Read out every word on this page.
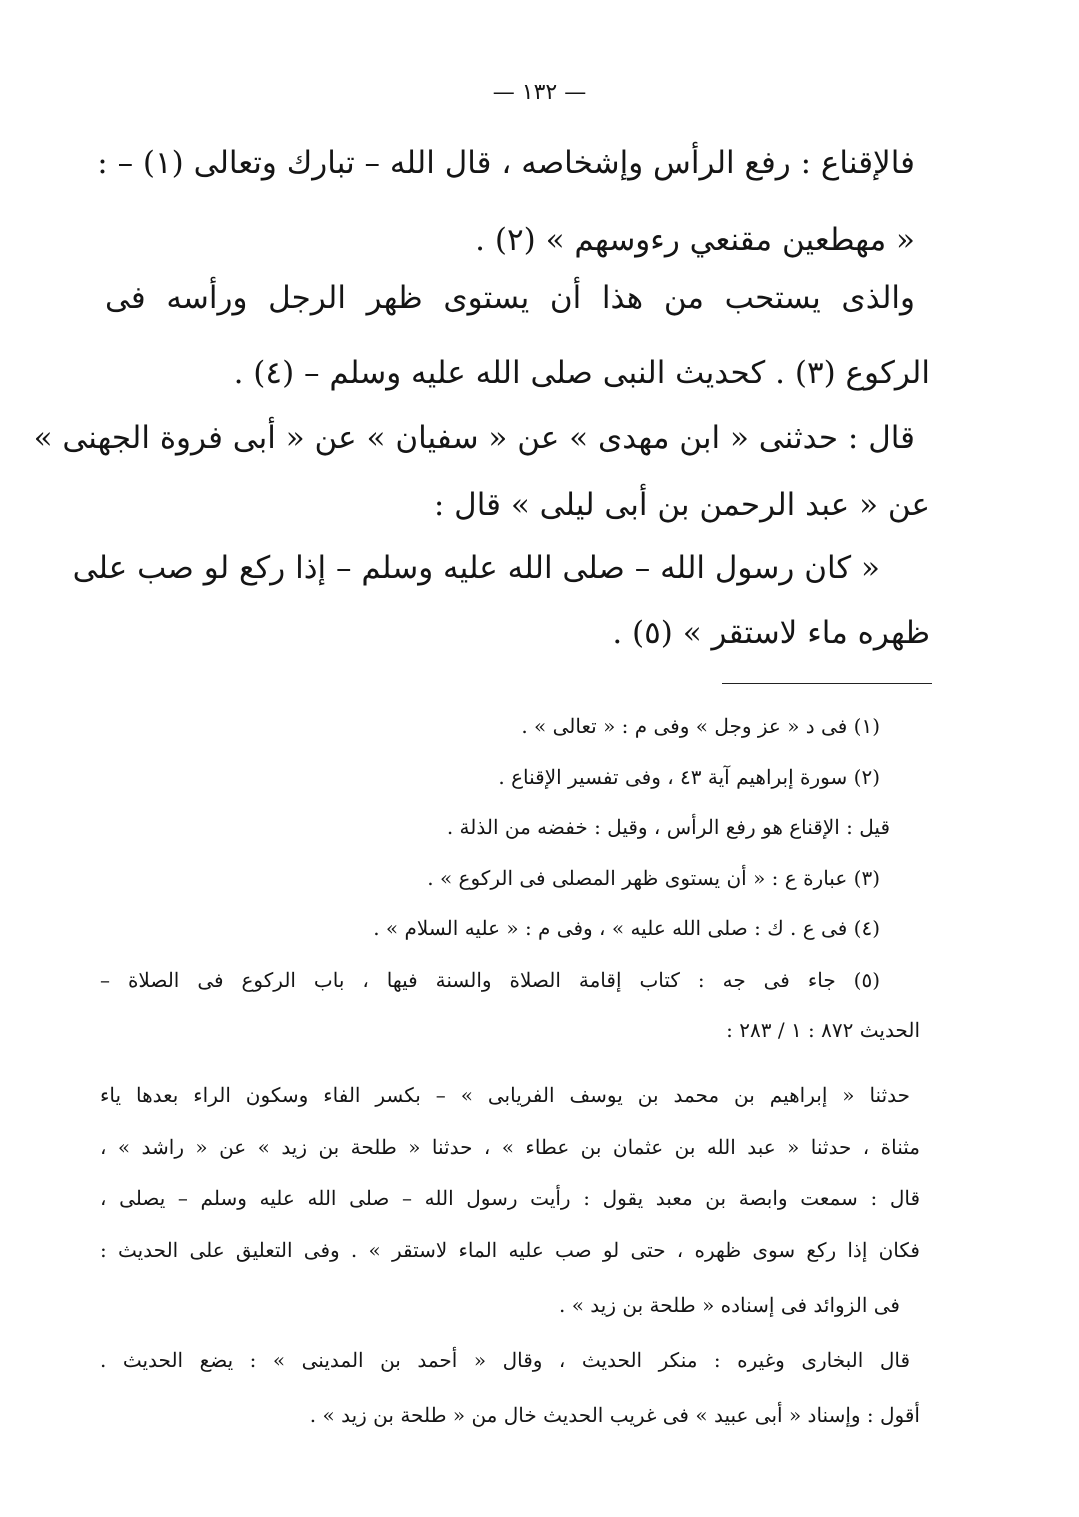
— ١٣٢ —
فالإقناع : رفع الرأس وإشخاصه ، قال الله – تبارك وتعالى (١) – :
« مهطعين مقنعي رءوسهم » (٢) .
والذى يستحب من هذا أن يستوى ظهر الرجل ورأسه فى
الركوع (٣) . كحديث النبى صلى الله عليه وسلم – (٤) .
قال : حدثنى « ابن مهدى » عن « سفيان » عن « أبى فروة الجهنى »
عن « عبد الرحمن بن أبى ليلى » قال :
« كان رسول الله – صلى الله عليه وسلم – إذا ركع لو صب على
ظهره ماء لاستقر » (٥) .
(١) فى د « عز وجل » وفى م : « تعالى » .
(٢) سورة إبراهيم آية ٤٣ ، وفى تفسير الإقناع .
قيل : الإقناع هو رفع الرأس ، وقيل : خفضه من الذلة .
(٣) عبارة ع : « أن يستوى ظهر المصلى فى الركوع » .
(٤) فى ع . ك : صلى الله عليه » ، وفى م : « عليه السلام » .
(٥) جاء فى جه : كتاب إقامة الصلاة والسنة فيها ، باب الركوع فى الصلاة –
الحديث ٨٧٢ : ١ / ٢٨٣ :
حدثنا « إبراهيم بن محمد بن يوسف الفريابى » – بكسر الفاء وسكون الراء بعدها ياء
مثناة ، حدثنا « عبد الله بن عثمان بن عطاء » ، حدثنا « طلحة بن زيد » عن « راشد » ،
قال : سمعت وابصة بن معبد يقول : رأيت رسول الله – صلى الله عليه وسلم – يصلى ،
فكان إذا ركع سوى ظهره ، حتى لو صب عليه الماء لاستقر » . وفى التعليق على الحديث :
فى الزوائد فى إسناده « طلحة بن زيد » .
قال البخارى وغيره : منكر الحديث ، وقال « أحمد بن المدينى » : يضع الحديث .
أقول : وإسناد « أبى عبيد » فى غريب الحديث خال من « طلحة بن زيد » .
